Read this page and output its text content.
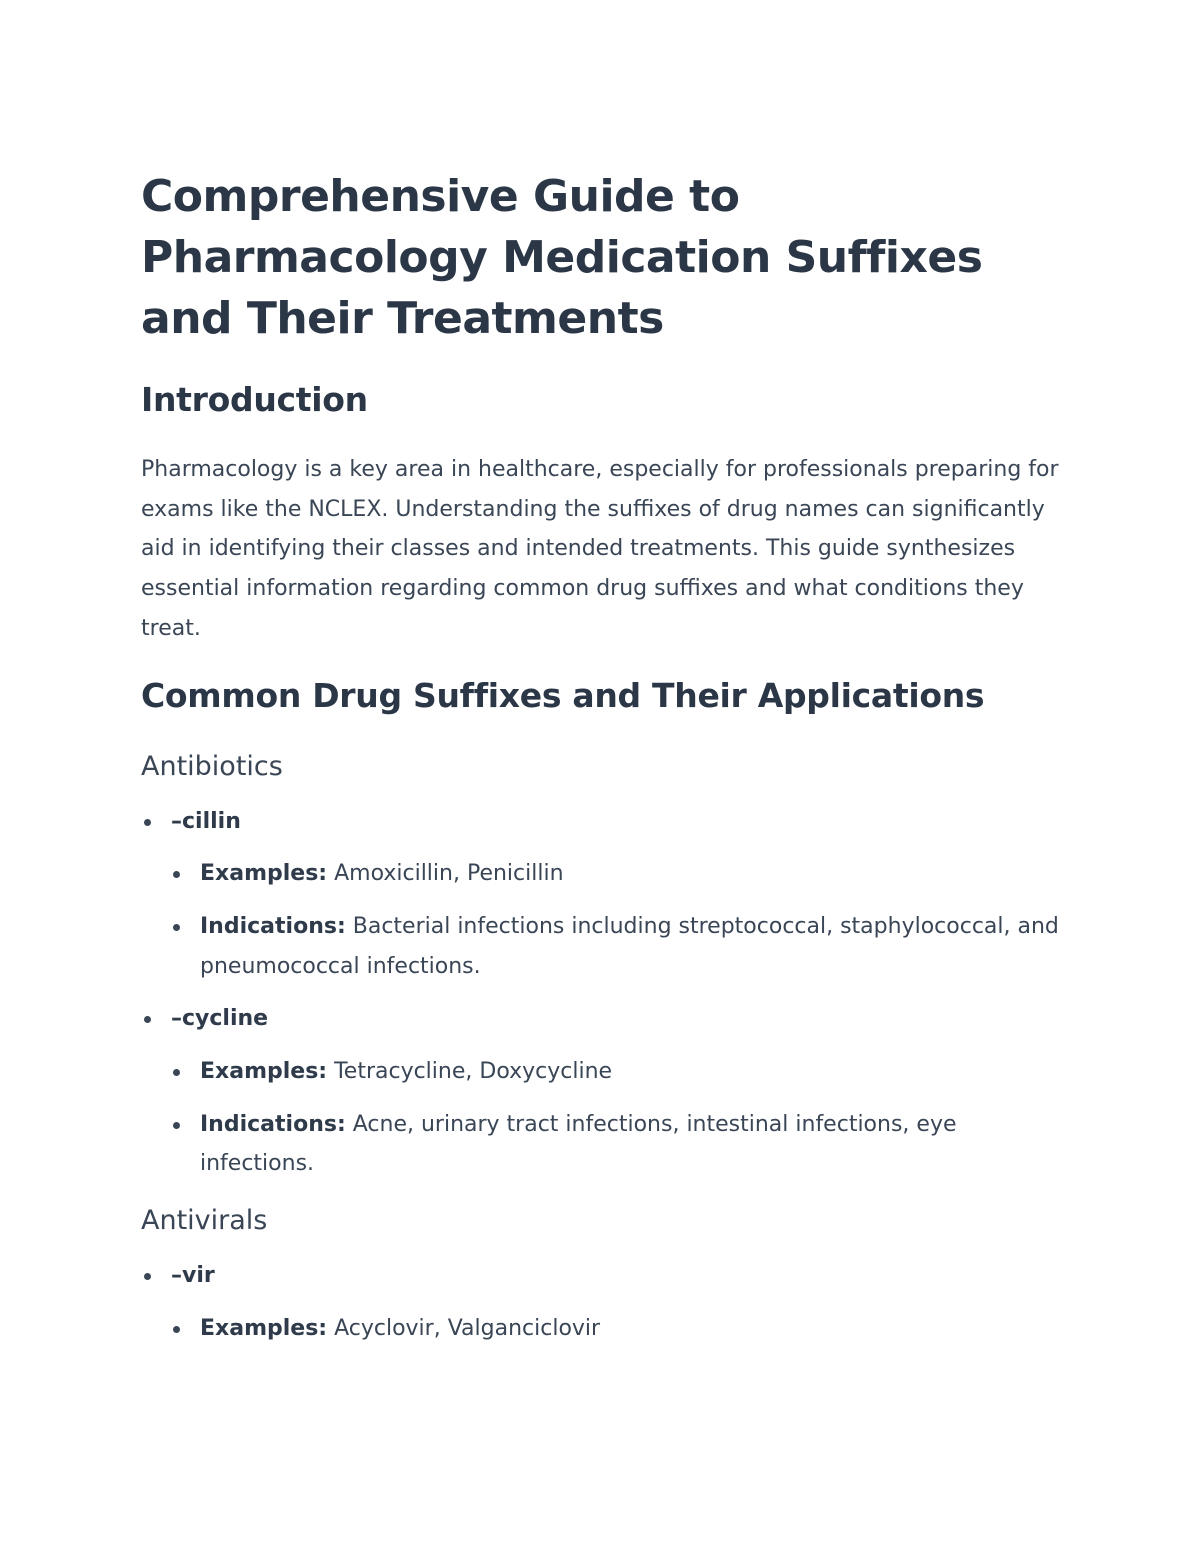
Comprehensive Guide to Pharmacology Medication Suffixes and Their Treatments
Introduction

Pharmacology is a key area in healthcare, especially for professionals preparing for exams like the NCLEX. Understanding the suffixes of drug names can significantly aid in identifying their classes and intended treatments. This guide synthesizes essential information regarding common drug suffixes and what conditions they treat.

Common Drug Suffixes and Their Applications
Antibiotics
–cillin
Examples: Amoxicillin, Penicillin
Indications: Bacterial infections including streptococcal, staphylococcal, and pneumococcal infections.
–cycline
Examples: Tetracycline, Doxycycline
Indications: Acne, urinary tract infections, intestinal infections, eye infections.
Antivirals
–vir
Examples: Acyclovir, Valganciclovir
